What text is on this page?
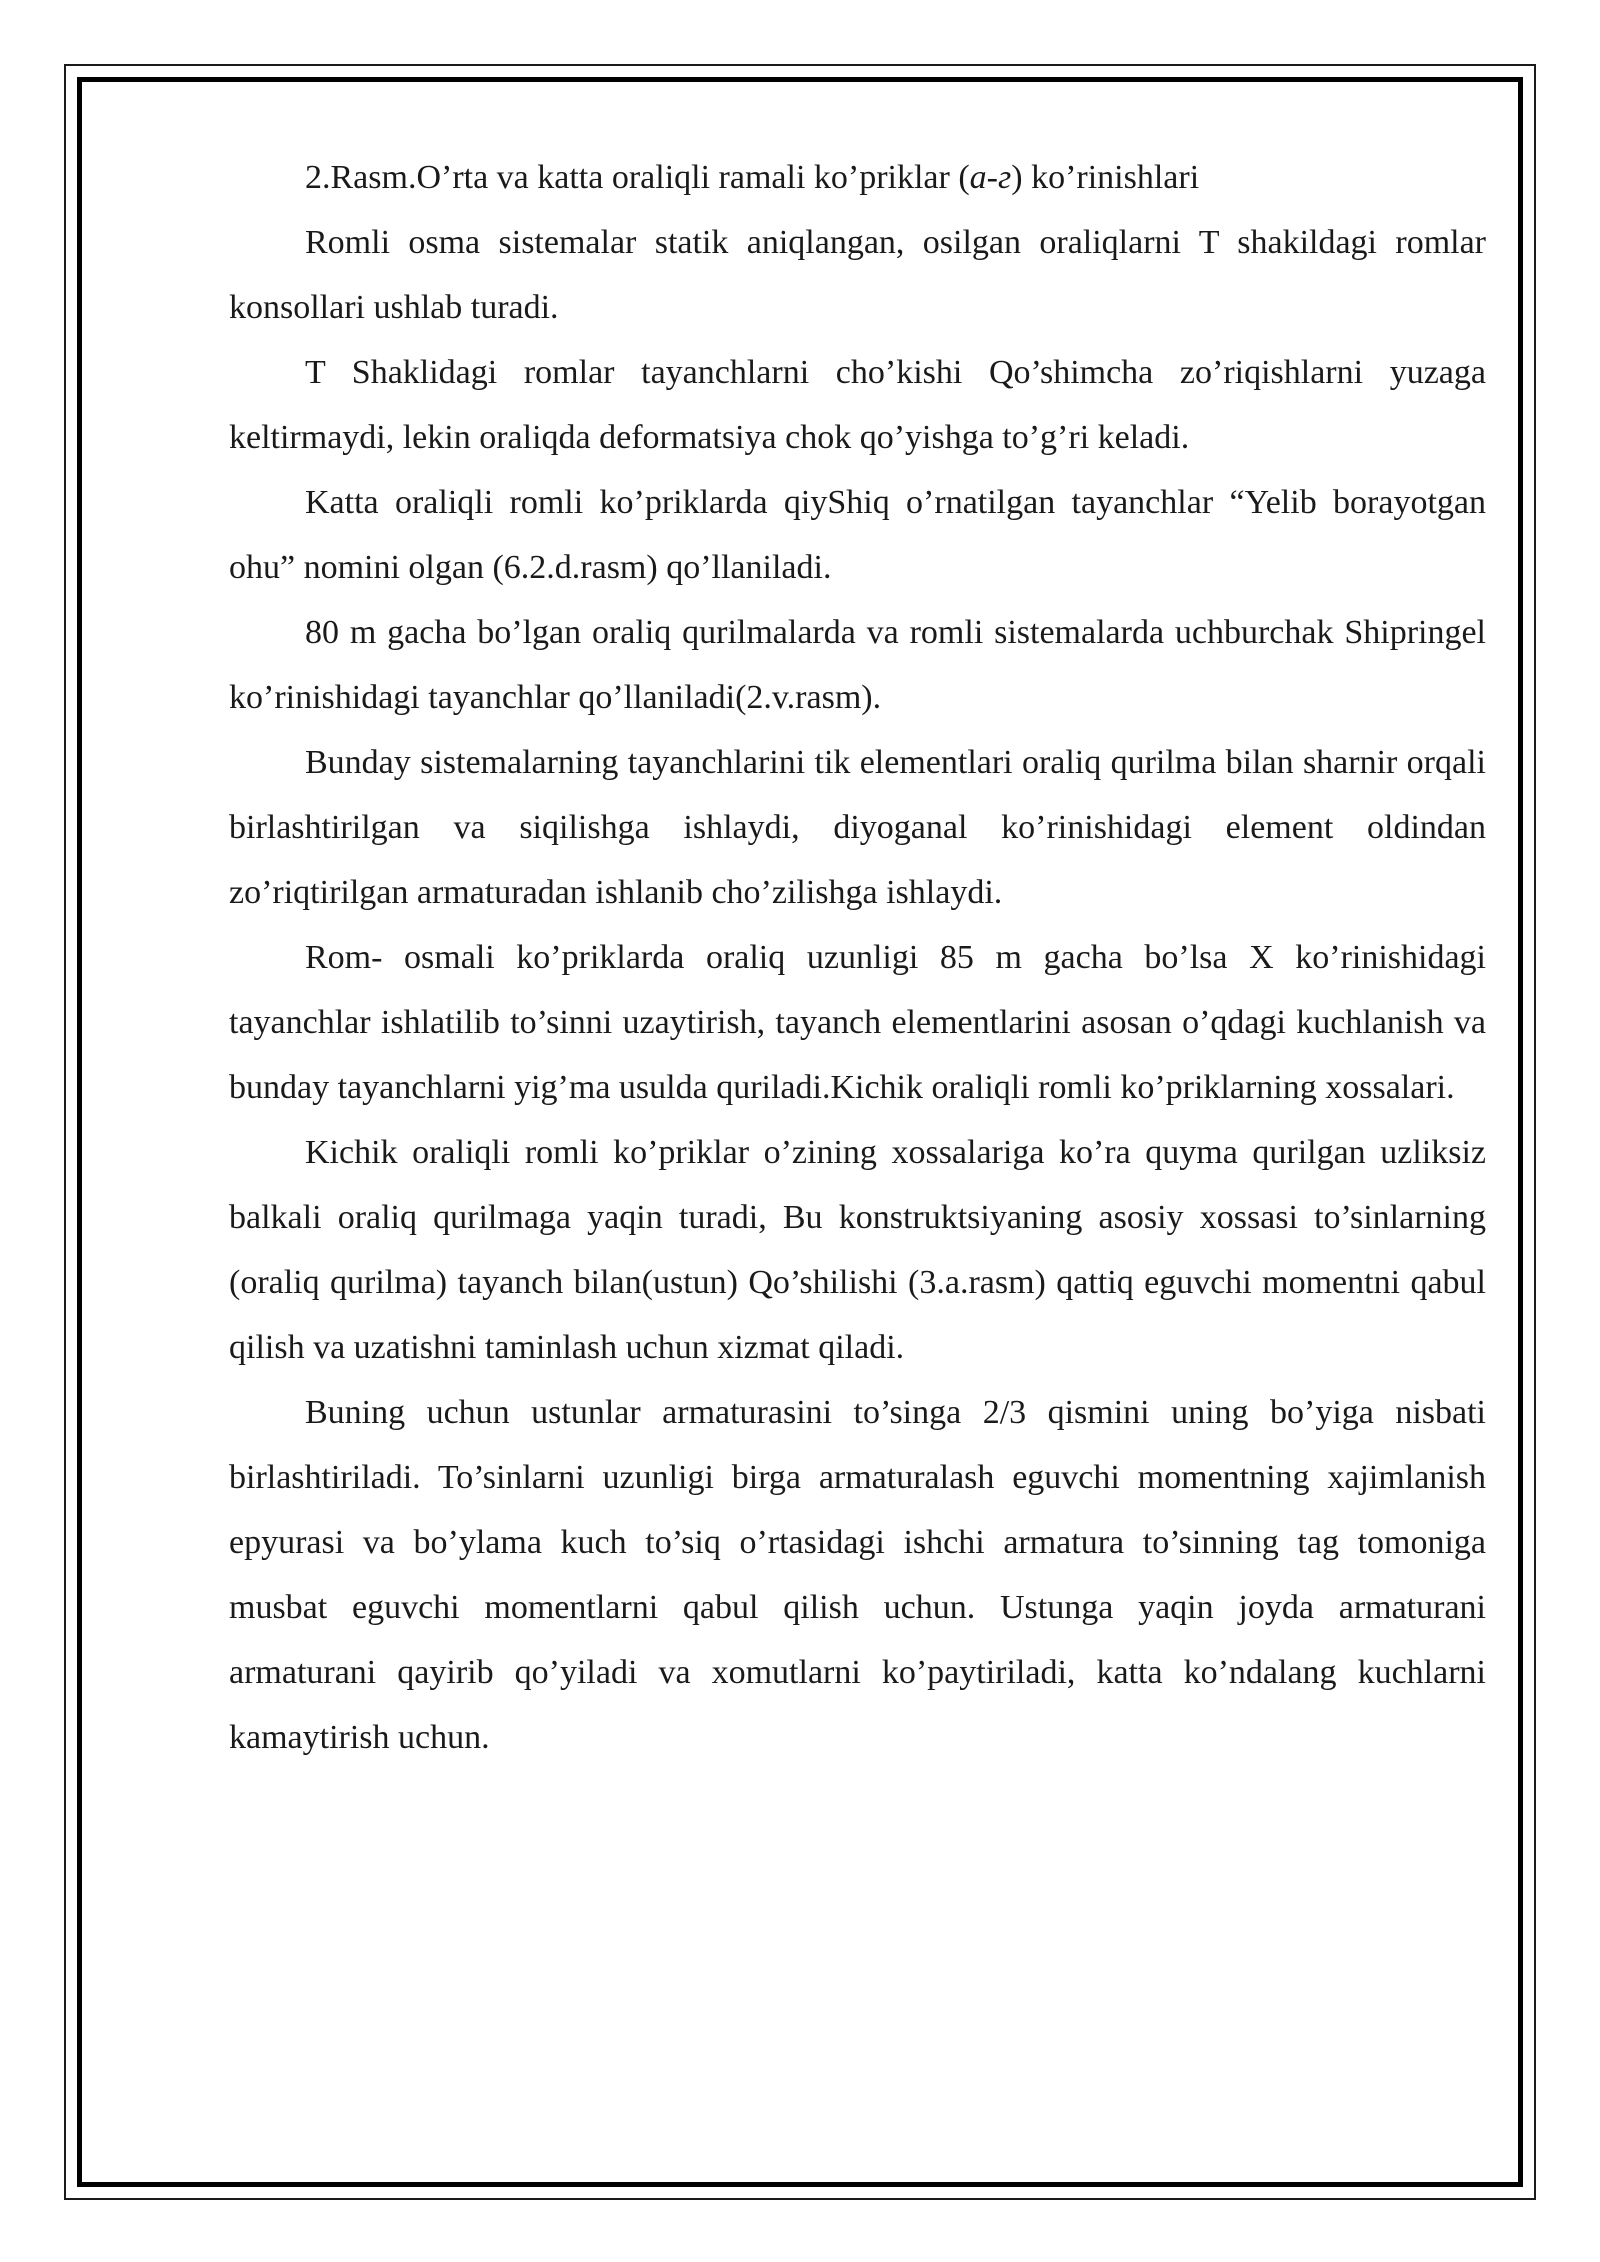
2.Rasm.O’rta va katta oraliqli ramali ko’priklar (а-г) ko’rinishlari

Romli osma sistemalar statik aniqlangan, osilgan oraliqlarni T shakildagi romlar konsollari ushlab turadi.

T Shaklidagi romlar tayanchlarni cho’kishi Qo’shimcha zo’riqishlarni yuzaga keltirmaydi, lekin oraliqda deformatsiya chok qo’yishga to’g’ri keladi.

Katta oraliqli romli ko’priklarda qiyShiq o’rnatilgan tayanchlar “Yelib borayotgan ohu” nomini olgan (6.2.d.rasm) qo’llaniladi.

80 m gacha bo’lgan oraliq qurilmalarda va romli sistemalarda uchburchak Shipringel ko’rinishidagi tayanchlar qo’llaniladi(2.v.rasm).

Bunday sistemalarning tayanchlarini tik elementlari oraliq qurilma bilan sharnir orqali birlashtirilgan va siqilishga ishlaydi, diyoganal ko’rinishidagi element oldindan zo’riqtirilgan armaturadan ishlanib cho’zilishga ishlaydi.

Rom- osmali ko’priklarda oraliq uzunligi 85 m gacha bo’lsa X ko’rinishidagi tayanchlar ishlatilib to’sinni uzaytirish, tayanch elementlarini asosan o’qdagi kuchlanish va bunday tayanchlarni yig’ma usulda quriladi.Kichik oraliqli romli ko’priklarning xossalari.

Kichik oraliqli romli ko’priklar o’zining xossalariga ko’ra quyma qurilgan uzliksiz balkali oraliq qurilmaga yaqin turadi, Bu konstruktsiyaning asosiy xossasi to’sinlarning (oraliq qurilma) tayanch bilan(ustun) Qo’shilishi (3.a.rasm) qattiq eguvchi momentni qabul qilish va uzatishni taminlash uchun xizmat qiladi.

Buning uchun ustunlar armaturasini to’singa 2/3 qismini uning bo’yiga nisbati birlashtiriladi. To’sinlarni uzunligi birga armaturalash eguvchi momentning xajimlanish epyurasi va bo’ylama kuch to’siq o’rtasidagi ishchi armatura to’sinning tag tomoniga musbat eguvchi momentlarni qabul qilish uchun. Ustunga yaqin joyda armaturani armaturani qayirib qo’yiladi va xomutlarni ko’paytiriladi, katta ko’ndalang kuchlarni kamaytirish uchun.
